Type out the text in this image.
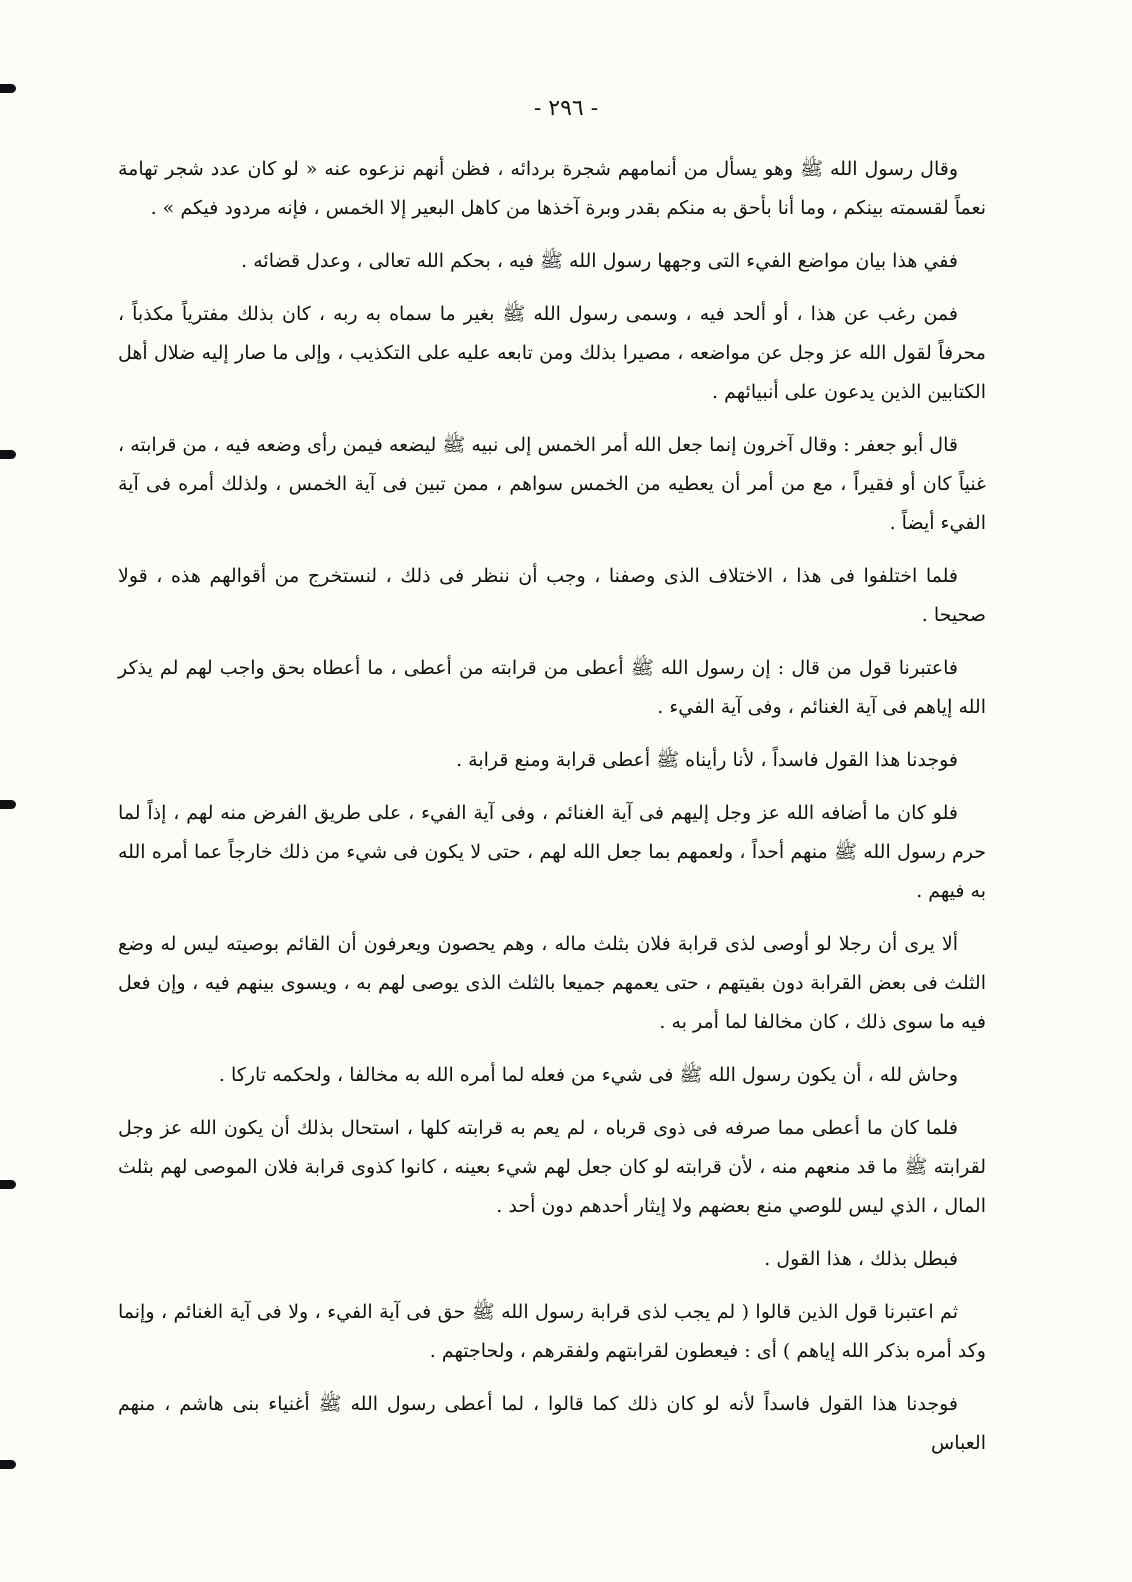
- ٢٩٦ -

وقال رسول الله ﷺ وهو يسأل من أنمامهم شجرة بردائه ، فظن أنهم نزعوه عنه « لو كان عدد شجر تهامة نعماً لقسمته بينكم ، وما أنا بأحق به منكم بقدر وبرة آخذها من كاهل البعير إلا الخمس ، فإنه مردود فيكم » .

ففي هذا بيان مواضع الفيء التى وجهها رسول الله ﷺ فيه ، بحكم الله تعالى ، وعدل قضائه .

فمن رغب عن هذا ، أو ألحد فيه ، وسمى رسول الله ﷺ بغير ما سماه به ربه ، كان بذلك مفترياً مكذباً ، محرفاً لقول الله عز وجل عن مواضعه ، مصيرا بذلك ومن تابعه عليه على التكذيب ، وإلى ما صار إليه ضلال أهل الكتابين الذين يدعون على أنبيائهم .

قال أبو جعفر : وقال آخرون إنما جعل الله أمر الخمس إلى نبيه ﷺ ليضعه فيمن رأى وضعه فيه ، من قرابته ، غنياً كان أو فقيراً ، مع من أمر أن يعطيه من الخمس سواهم ، ممن تبين فى آية الخمس ، ولذلك أمره فى آية الفيء أيضاً .

فلما اختلفوا فى هذا ، الاختلاف الذى وصفنا ، وجب أن ننظر فى ذلك ، لنستخرج من أقوالهم هذه ، قولا صحيحا .

فاعتبرنا قول من قال : إن رسول الله ﷺ أعطى من قرابته من أعطى ، ما أعطاه بحق واجب لهم لم يذكر الله إياهم فى آية الغنائم ، وفى آية الفيء .

فوجدنا هذا القول فاسداً ، لأنا رأيناه ﷺ أعطى قرابة ومنع قرابة .

فلو كان ما أضافه الله عز وجل إليهم فى آية الغنائم ، وفى آية الفيء ، على طريق الفرض منه لهم ، إذاً لما حرم رسول الله ﷺ منهم أحداً ، ولعمهم بما جعل الله لهم ، حتى لا يكون فى شيء من ذلك خارجاً عما أمره الله به فيهم .

ألا يرى أن رجلا لو أوصى لذى قرابة فلان بثلث ماله ، وهم يحصون ويعرفون أن القائم بوصيته ليس له وضع الثلث فى بعض القرابة دون بقيتهم ، حتى يعمهم جميعا بالثلث الذى يوصى لهم به ، ويسوى بينهم فيه ، وإن فعل فيه ما سوى ذلك ، كان مخالفا لما أمر به .

وحاش لله ، أن يكون رسول الله ﷺ فى شيء من فعله لما أمره الله به مخالفا ، ولحكمه تاركا .

فلما كان ما أعطى مما صرفه فى ذوى قرباه ، لم يعم به قرابته كلها ، استحال بذلك أن يكون الله عز وجل لقرابته ﷺ ما قد منعهم منه ، لأن قرابته لو كان جعل لهم شيء بعينه ، كانوا كذوى قرابة فلان الموصى لهم بثلث المال ، الذي ليس للوصي منع بعضهم ولا إيثار أحدهم دون أحد .

فبطل بذلك ، هذا القول .

ثم اعتبرنا قول الذين قالوا ( لم يجب لذى قرابة رسول الله ﷺ حق فى آية الفيء ، ولا فى آية الغنائم ، وإنما وكد أمره بذكر الله إياهم ) أى : فيعطون لقرابتهم ولفقرهم ، ولحاجتهم .

فوجدنا هذا القول فاسداً لأنه لو كان ذلك كما قالوا ، لما أعطى رسول الله ﷺ أغنياء بنى هاشم ، منهم العباس
